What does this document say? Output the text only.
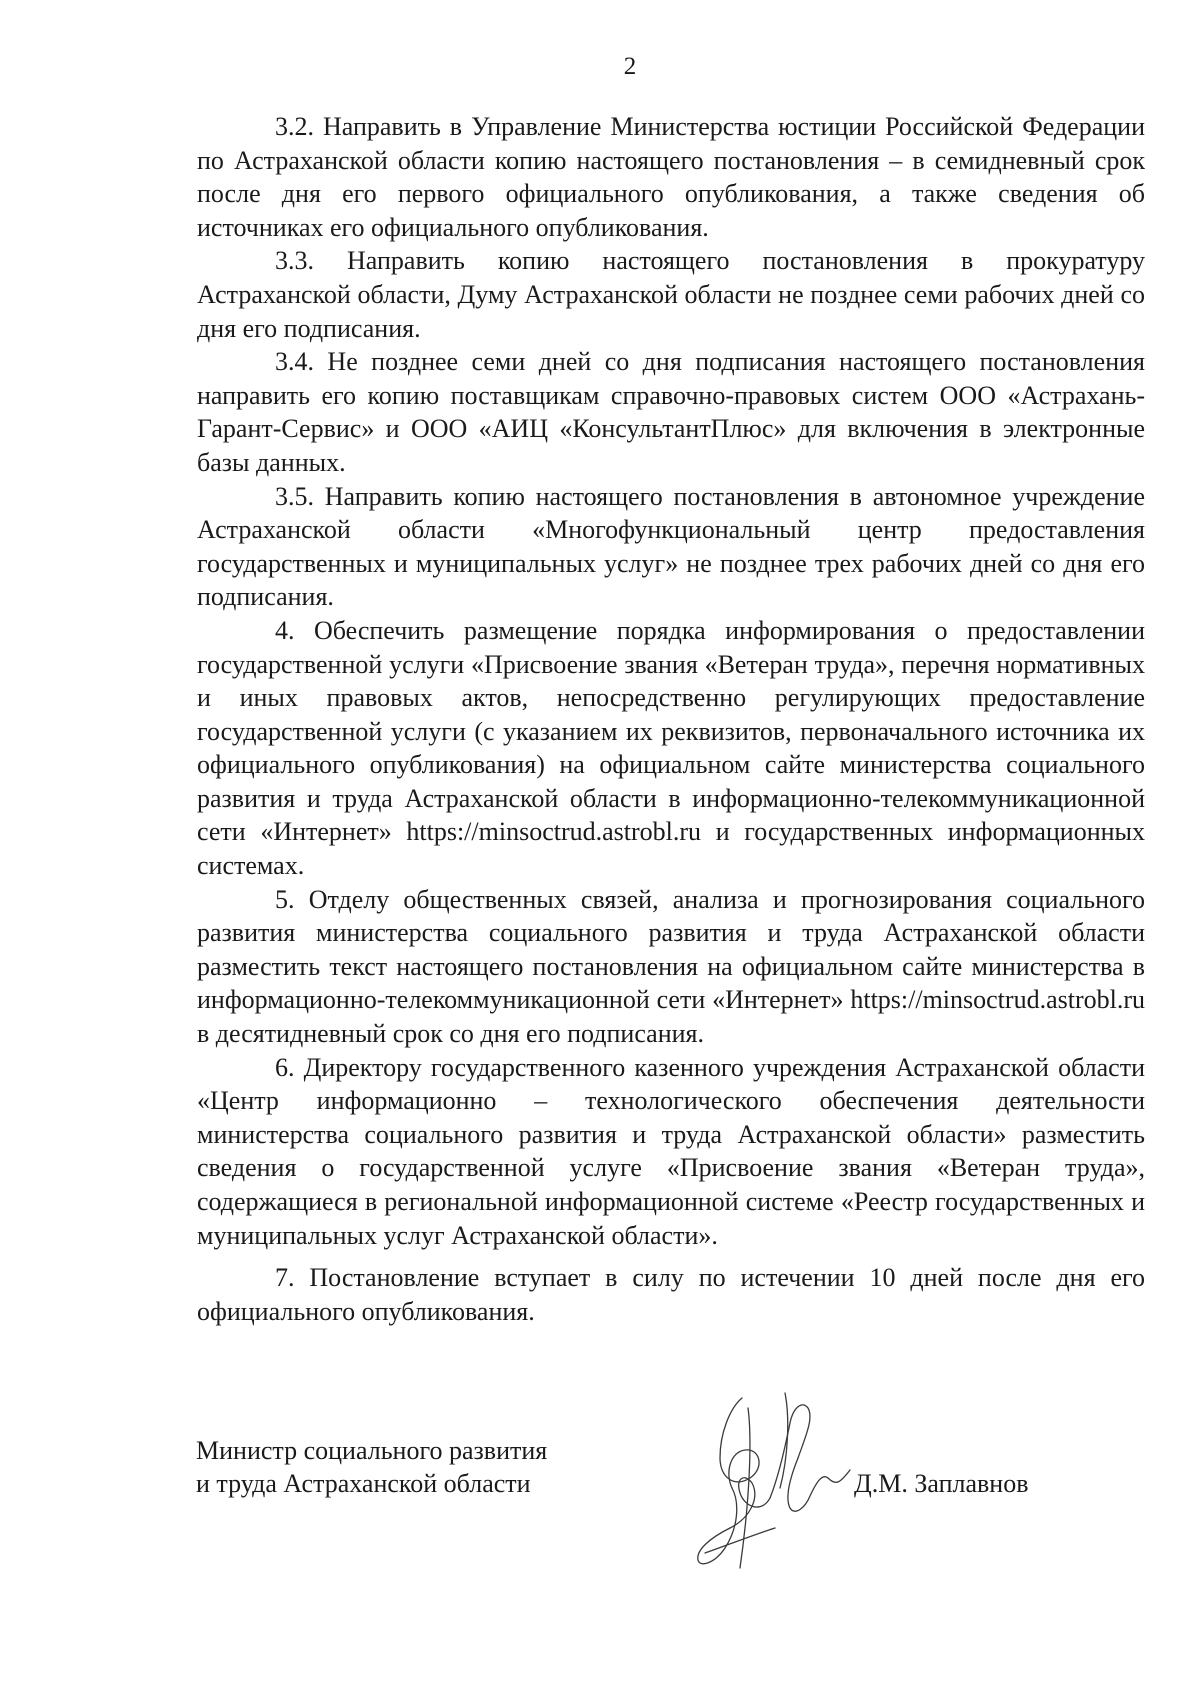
2

3.2. Направить в Управление Министерства юстиции Российской Федерации по Астраханской области копию настоящего постановления – в семидневный срок после дня его первого официального опубликования, а также сведения об источниках его официального опубликования.

3.3. Направить копию настоящего постановления в прокуратуру Астраханской области, Думу Астраханской области не позднее семи рабочих дней со дня его подписания.

3.4. Не позднее семи дней со дня подписания настоящего постановления направить его копию поставщикам справочно-правовых систем ООО «Астрахань-Гарант-Сервис» и ООО «АИЦ «КонсультантПлюс» для включения в электронные базы данных.

3.5. Направить копию настоящего постановления в автономное учреждение Астраханской области «Многофункциональный центр предоставления государственных и муниципальных услуг» не позднее трех рабочих дней со дня его подписания.

4. Обеспечить размещение порядка информирования о предоставлении государственной услуги «Присвоение звания «Ветеран труда», перечня нормативных и иных правовых актов, непосредственно регулирующих предоставление государственной услуги (с указанием их реквизитов, первоначального источника их официального опубликования) на официальном сайте министерства социального развития и труда Астраханской области в информационно-телекоммуникационной сети «Интернет» https://minsoctrud.astrobl.ru и государственных информационных системах.

5. Отделу общественных связей, анализа и прогнозирования социального развития министерства социального развития и труда Астраханской области разместить текст настоящего постановления на официальном сайте министерства в информационно-телекоммуникационной сети «Интернет» https://minsoctrud.astrobl.ru в десятидневный срок со дня его подписания.

6. Директору государственного казенного учреждения Астраханской области «Центр информационно – технологического обеспечения деятельности министерства социального развития и труда Астраханской области» разместить сведения о государственной услуге «Присвоение звания «Ветеран труда», содержащиеся в региональной информационной системе «Реестр государственных и муниципальных услуг Астраханской области».

7. Постановление вступает в силу по истечении 10 дней после дня его официального опубликования.

Министр социального развития
и труда Астраханской области	Д.М. Заплавнов
